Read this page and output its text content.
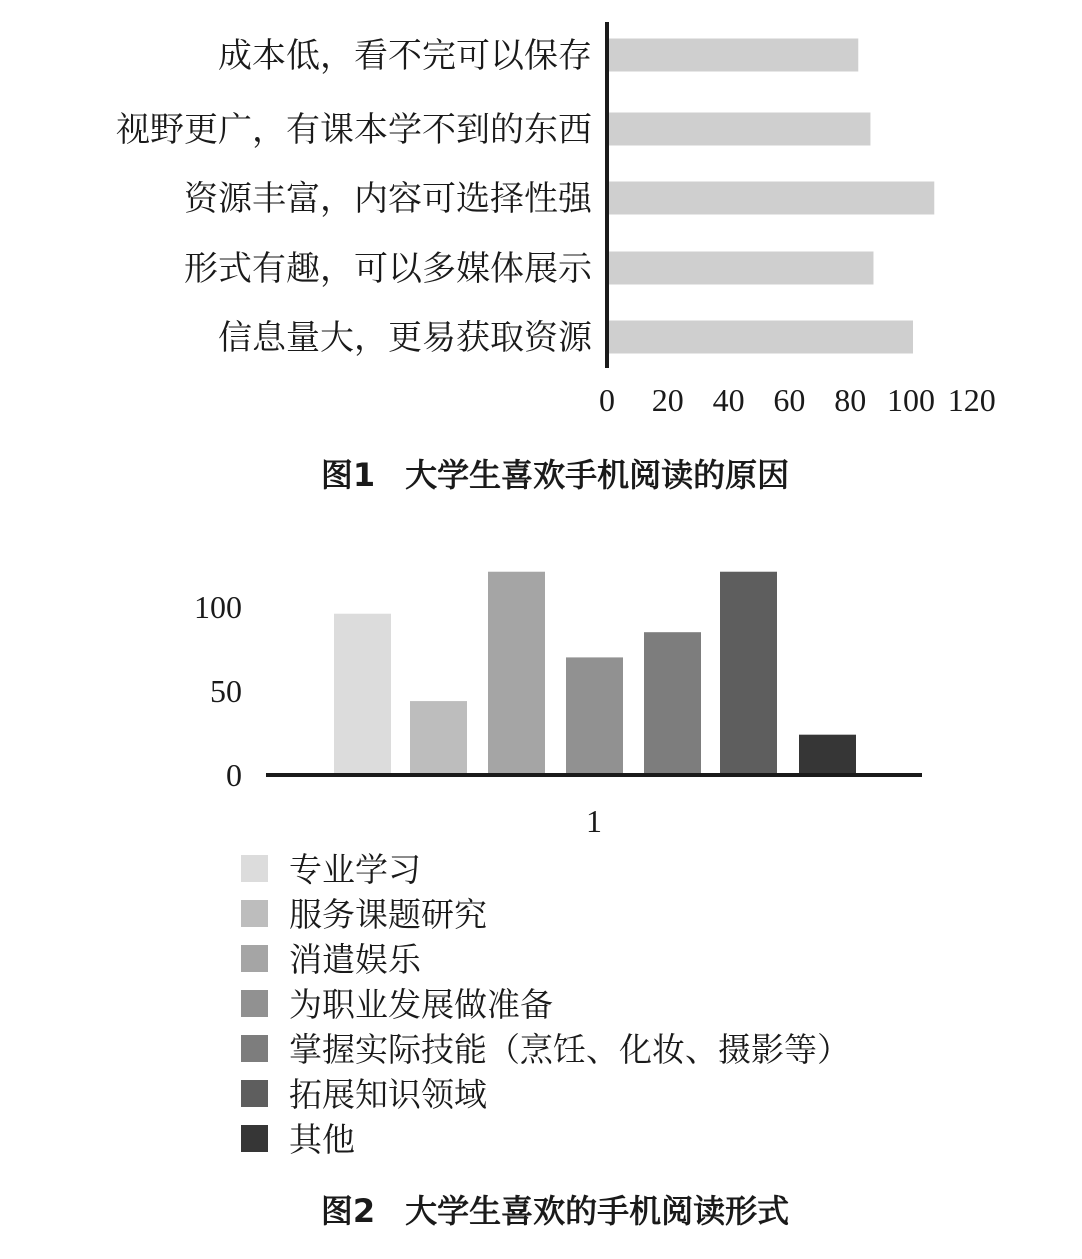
成本低，看不完可以保存
视野更广，有课本学不到的东西
资源丰富，内容可选择性强
形式有趣，可以多媒体展示
信息量大，更易获取资源
0 20 40 60 80 100 120
图1 大学生喜欢手机阅读的原因
0
50
100
1
专业学习
服务课题研究
消遣娱乐
为职业发展做准备
掌握实际技能（烹饪、化妆、摄影等）
拓展知识领域
其他
图2 大学生喜欢的手机阅读形式
